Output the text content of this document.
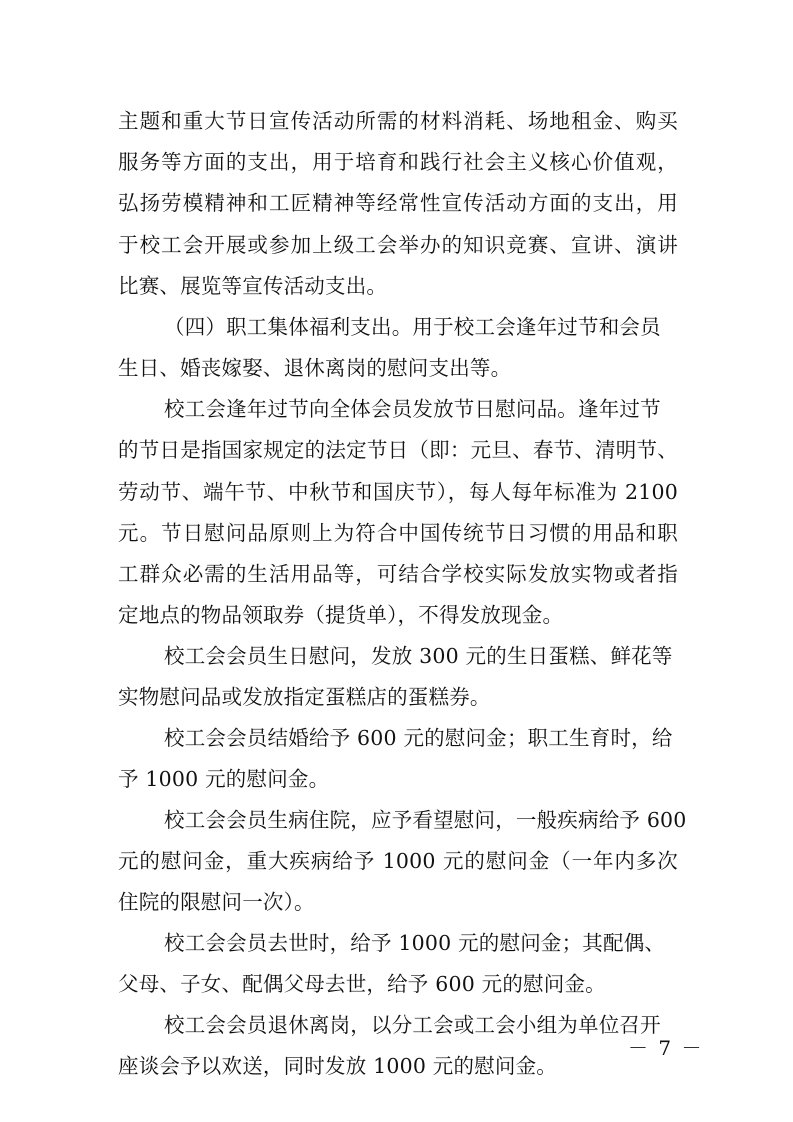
主题和重大节日宣传活动所需的材料消耗、场地租金、购买
服务等方面的支出，用于培育和践行社会主义核心价值观，
弘扬劳模精神和工匠精神等经常性宣传活动方面的支出，用
于校工会开展或参加上级工会举办的知识竞赛、宣讲、演讲
比赛、展览等宣传活动支出。
（四）职工集体福利支出。用于校工会逢年过节和会员
生日、婚丧嫁娶、退休离岗的慰问支出等。
校工会逢年过节向全体会员发放节日慰问品。逢年过节
的节日是指国家规定的法定节日（即：元旦、春节、清明节、
劳动节、端午节、中秋节和国庆节），每人每年标准为 2100
元。节日慰问品原则上为符合中国传统节日习惯的用品和职
工群众必需的生活用品等，可结合学校实际发放实物或者指
定地点的物品领取券（提货单），不得发放现金。
校工会会员生日慰问，发放 300 元的生日蛋糕、鲜花等
实物慰问品或发放指定蛋糕店的蛋糕券。
校工会会员结婚给予 600 元的慰问金；职工生育时，给
予 1000 元的慰问金。
校工会会员生病住院，应予看望慰问，一般疾病给予 600
元的慰问金，重大疾病给予 1000 元的慰问金（一年内多次
住院的限慰问一次）。
校工会会员去世时，给予 1000 元的慰问金；其配偶、
父母、子女、配偶父母去世，给予 600 元的慰问金。
校工会会员退休离岗，以分工会或工会小组为单位召开
座谈会予以欢送，同时发放 1000 元的慰问金。
－ 7 －
